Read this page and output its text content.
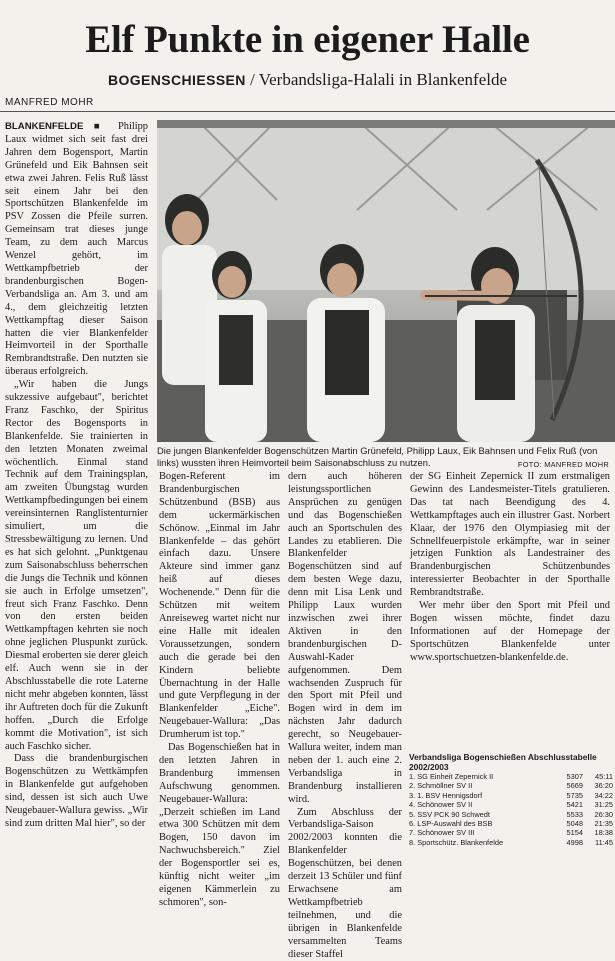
Elf Punkte in eigener Halle
BOGENSCHIESSEN / Verbandsliga-Halali in Blankenfelde
MANFRED MOHR

BLANKENFELDE ■ Philipp Laux widmet sich seit fast drei Jahren dem Bogensport, Martin Grünefeld und Eik Bahnsen seit etwa zwei Jahren. Felis Ruß lässt seit einem Jahr bei den Sportschützen Blankenfelde im PSV Zossen die Pfeile surren. Gemeinsam trat dieses junge Team, zu dem auch Marcus Wenzel gehört, im Wettkampfbetrieb der brandenburgischen Bogen-Verbandsliga an. Am 3. und am 4., dem gleichzeitig letzten Wettkampftag dieser Saison hatten die vier Blankenfelder Heimvorteil in der Sporthalle Rembrandtstraße. Den nutzten sie überaus erfolgreich.

„Wir haben die Jungs sukzessive aufgebaut", berichtet Franz Faschko, der Spiritus Rector des Bogensports in Blankenfelde. Sie trainierten in den letzten Monaten zweimal wöchentlich. Einmal stand Technik auf dem Trainingsplan, am zweiten Übungstag wurden Wettkampfbedingungen bei einem vereinsinternen Ranglistenturnier simuliert, um die Stressbewältigung zu lernen. Und es hat sich gelohnt. „Punktgenau zum Saisonabschluss beherrschen die Jungs die Technik und können sie auch in Erfolge umsetzen", freut sich Franz Faschko. Denn von den ersten beiden Wettkampftagen kehrten sie noch ohne jeglichen Pluspunkt zurück. Diesmal eroberten sie derer gleich elf. Auch wenn sie in der Abschlusstabelle die rote Laterne nicht mehr abgeben konnten, lässt ihr Auftreten doch für die Zukunft hoffen. „Durch die Erfolge kommt die Motivation", ist sich auch Faschko sicher.

Dass die brandenburgischen Bogenschützen zu Wettkämpfen in Blankenfelde gut aufgehoben sind, dessen ist sich auch Uwe Neugebauer-Wallura gewiss. „Wir sind zum dritten Mal hier", so der

Die jungen Blankenfelder Bogenschützen Martin Grünefeld, Philipp Laux, Eik Bahnsen und Felix Ruß (von links) wussten ihren Heimvorteil beim Saisonabschluss zu nutzen.	FOTO: MANFRED MOHR

Bogen-Referent im Brandenburgischen Schützenbund (BSB) aus dem uckermärkischen Schönow. „Einmal im Jahr Blankenfelde – das gehört einfach dazu. Unsere Akteure sind immer ganz heiß auf dieses Wochenende." Denn für die Schützen mit weitem Anreiseweg wartet nicht nur eine Halle mit idealen Voraussetzungen, sondern auch die gerade bei den Kindern beliebte Übernachtung in der Halle und gute Verpflegung in der Blankenfelder „Eiche". Neugebauer-Wallura: „Das Drumherum ist top."

Das Bogenschießen hat in den letzten Jahren in Brandenburg immensen Aufschwung genommen. Neugebauer-Wallura: „Derzeit schießen im Land etwa 300 Schützen mit dem Bogen, 150 davon im Nachwuchsbereich." Ziel der Bogensportler sei es, künftig nicht weiter „im eigenen Kämmerlein zu schmoren", son-

dern auch höheren leistungssportlichen Ansprüchen zu genügen und das Bogenschießen auch an Sportschulen des Landes zu etablieren. Die Blankenfelder Bogenschützen sind auf dem besten Wege dazu, denn mit Lisa Lenk und Philipp Laux wurden inzwischen zwei ihrer Aktiven in den brandenburgischen D-Auswahl-Kader aufgenommen. Dem wachsenden Zuspruch für den Sport mit Pfeil und Bogen wird in dem im nächsten Jahr dadurch gerecht, so Neugebauer-Wallura weiter, indem man neben der 1. auch eine 2. Verbandsliga in Brandenburg installieren wird.

Zum Abschluss der Verbandsliga-Saison 2002/2003 konnten die Blankenfelder Bogenschützen, bei denen derzeit 13 Schüler und fünf Erwachsene am Wettkampfbetrieb teilnehmen, und die übrigen in Blankenfelde versammelten Teams dieser Staffel

der SG Einheit Zepernick II zum erstmaligen Gewinn des Landesmeister-Titels gratulieren. Das tat nach Beendigung des 4. Wettkampftages auch ein illustrer Gast. Norbert Klaar, der 1976 den Olympiasieg mit der Schnellfeuerpistole erkämpfte, war in seiner jetzigen Funktion als Landestrainer des Brandenburgischen Schützenbundes interessierter Beobachter in der Sporthalle Rembrandtstraße.

Wer mehr über den Sport mit Pfeil und Bogen wissen möchte, findet dazu Informationen auf der Homepage der Sportschützen Blankenfelde unter www.sportschuetzen-blankenfelde.de.

Verbandsliga Bogenschießen Abschlusstabelle 2002/2003
1. SG Einheit Zepernick II	5307	45:11
2. Schmöllner SV II	5669	36:20
3. 1. BSV Hennigsdorf	5735	34:22
4. Schönower SV II	5421	31:25
5. SSV PCK 90 Schwedt	5533	26:30
6. LSP-Auswahl des BSB	5048	21:35
7. Schönower SV III	5154	18:38
8. Sportschütz. Blankenfelde	4998	11:45
